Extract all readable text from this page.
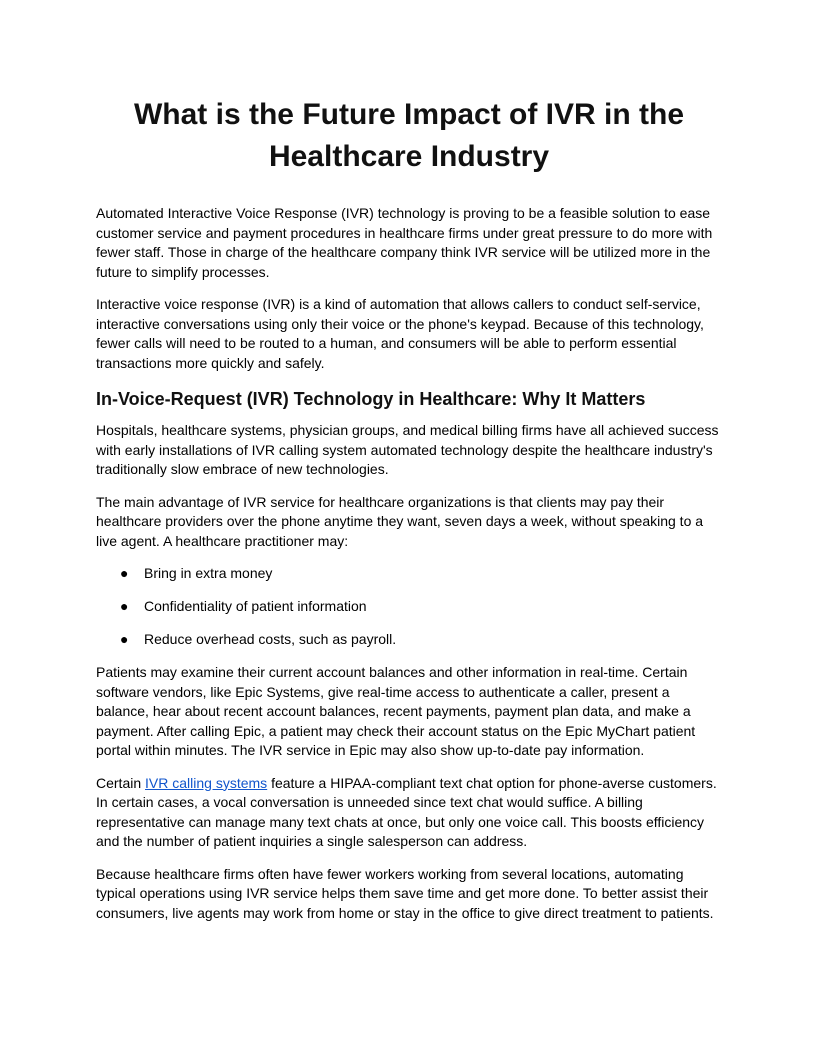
What is the Future Impact of IVR in the Healthcare Industry

Automated Interactive Voice Response (IVR) technology is proving to be a feasible solution to ease customer service and payment procedures in healthcare firms under great pressure to do more with fewer staff. Those in charge of the healthcare company think IVR service will be utilized more in the future to simplify processes.

Interactive voice response (IVR) is a kind of automation that allows callers to conduct self-service, interactive conversations using only their voice or the phone's keypad. Because of this technology, fewer calls will need to be routed to a human, and consumers will be able to perform essential transactions more quickly and safely.

In-Voice-Request (IVR) Technology in Healthcare: Why It Matters

Hospitals, healthcare systems, physician groups, and medical billing firms have all achieved success with early installations of IVR calling system automated technology despite the healthcare industry's traditionally slow embrace of new technologies.

The main advantage of IVR service for healthcare organizations is that clients may pay their healthcare providers over the phone anytime they want, seven days a week, without speaking to a live agent. A healthcare practitioner may:

● Bring in extra money
● Confidentiality of patient information
● Reduce overhead costs, such as payroll.

Patients may examine their current account balances and other information in real-time. Certain software vendors, like Epic Systems, give real-time access to authenticate a caller, present a balance, hear about recent account balances, recent payments, payment plan data, and make a payment. After calling Epic, a patient may check their account status on the Epic MyChart patient portal within minutes. The IVR service in Epic may also show up-to-date pay information.

Certain IVR calling systems feature a HIPAA-compliant text chat option for phone-averse customers. In certain cases, a vocal conversation is unneeded since text chat would suffice. A billing representative can manage many text chats at once, but only one voice call. This boosts efficiency and the number of patient inquiries a single salesperson can address.

Because healthcare firms often have fewer workers working from several locations, automating typical operations using IVR service helps them save time and get more done. To better assist their consumers, live agents may work from home or stay in the office to give direct treatment to patients.
